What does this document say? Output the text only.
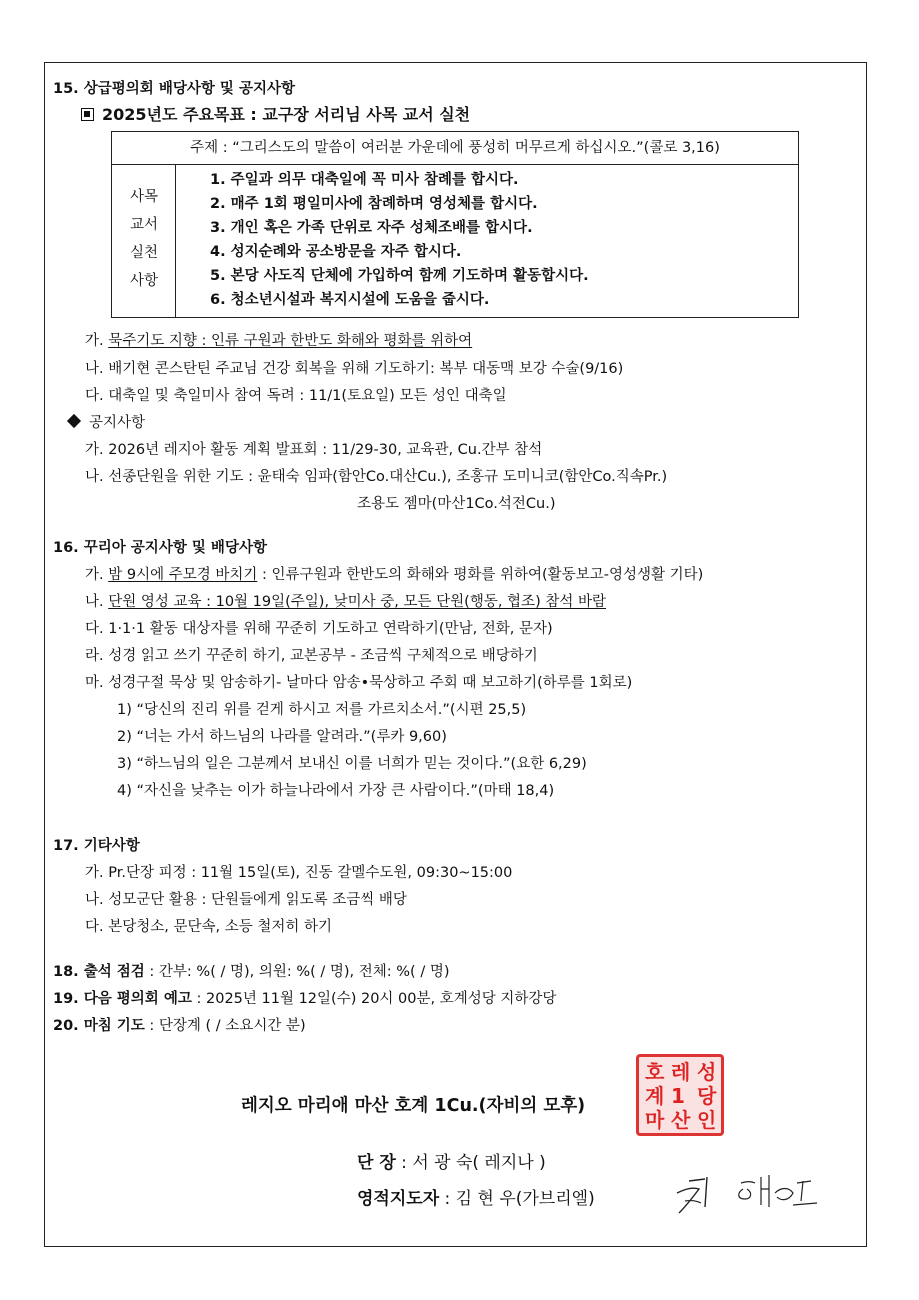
15. 상급평의회 배당사항 및 공지사항
2025년도 주요목표 : 교구장 서리님 사목 교서 실천
주제 : “그리스도의 말씀이 여러분 가운데에 풍성히 머무르게 하십시오.”(콜로 3,16)
사목
교서
실천
사항
1. 주일과 의무 대축일에 꼭 미사 참례를 합시다.
2. 매주 1회 평일미사에 참례하며 영성체를 합시다.
3. 개인 혹은 가족 단위로 자주 성체조배를 합시다.
4. 성지순례와 공소방문을 자주 합시다.
5. 본당 사도직 단체에 가입하여 함께 기도하며 활동합시다.
6. 청소년시설과 복지시설에 도움을 줍시다.
가. 묵주기도 지향 : 인류 구원과 한반도 화해와 평화를 위하여
나. 배기현 콘스탄틴 주교님 건강 회복을 위해 기도하기: 복부 대동맥 보강 수술(9/16)
다. 대축일 및 축일미사 참여 독려 : 11/1(토요일) 모든 성인 대축일
공지사항
가. 2026년 레지아 활동 계획 발표회 : 11/29-30, 교육관, Cu.간부 참석
나. 선종단원을 위한 기도 : 윤태숙 임파(함안Co.대산Cu.), 조홍규 도미니코(함안Co.직속Pr.)
조용도 젬마(마산1Co.석전Cu.)
16. 꾸리아 공지사항 및 배당사항
가. 밤 9시에 주모경 바치기 : 인류구원과 한반도의 화해와 평화를 위하여(활동보고-영성생활 기타)
나. 단원 영성 교육 : 10월 19일(주일), 낮미사 중, 모든 단원(행동, 협조) 참석 바람
다. 1·1·1 활동 대상자를 위해 꾸준히 기도하고 연락하기(만남, 전화, 문자)
라. 성경 읽고 쓰기 꾸준히 하기, 교본공부 - 조금씩 구체적으로 배당하기
마. 성경구절 묵상 및 암송하기- 날마다 암송•묵상하고 주회 때 보고하기(하루를 1회로)
1) “당신의 진리 위를 걷게 하시고 저를 가르치소서.”(시편 25,5)
2) “너는 가서 하느님의 나라를 알려라.”(루카 9,60)
3) “하느님의 일은 그분께서 보내신 이를 너희가 믿는 것이다.”(요한 6,29)
4) “자신을 낮추는 이가 하늘나라에서 가장 큰 사람이다.”(마태 18,4)
17. 기타사항
가. Pr.단장 피정 : 11월 15일(토), 진동 갈멜수도원, 09:30~15:00
나. 성모군단 활용 : 단원들에게 읽도록 조금씩 배당
다. 본당청소, 문단속, 소등 철저히 하기
18. 출석 점검 : 간부: %( / 명), 의원: %( / 명), 전체: %( / 명)
19. 다음 평의회 예고 : 2025년 11월 12일(수) 20시 00분, 호계성당 지하강당
20. 마침 기도 : 단장계 ( / 소요시간 분)
호 레 성
계 1 당
마 산 인
레지오 마리애 마산 호계 1Cu.(자비의 모후)
단 장 : 서 광 숙( 레지나 )
영적지도자 : 김 현 우(가브리엘)
